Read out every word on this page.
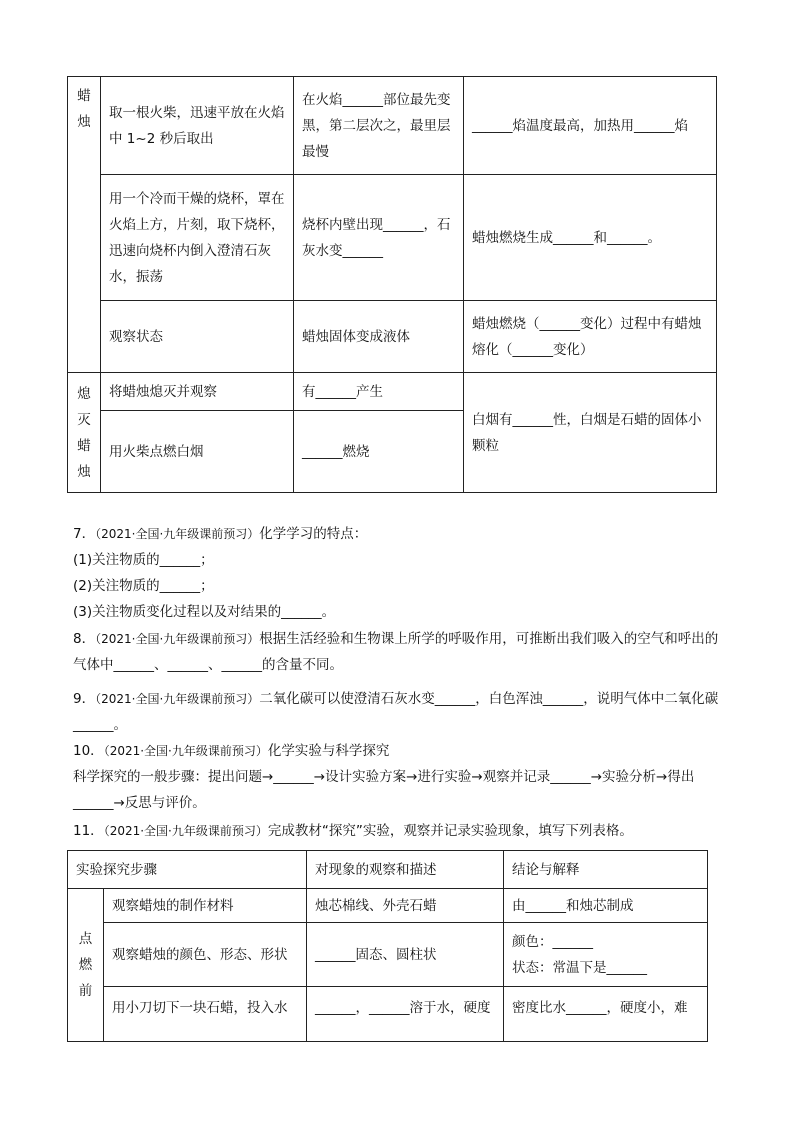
蜡
烛	取一根火柴，迅速平放在火焰中 1~2 秒后取出	在火焰______部位最先变黑，第二层次之，最里层最慢	______焰温度最高，加热用______焰
	用一个冷而干燥的烧杯，罩在火焰上方，片刻，取下烧杯，迅速向烧杯内倒入澄清石灰水，振荡	烧杯内壁出现______，石灰水变______	蜡烛燃烧生成______和______。
	观察状态	蜡烛固体变成液体	蜡烛燃烧（______变化）过程中有蜡烛熔化（______变化）

熄
灭
蜡
烛	将蜡烛熄灭并观察	有______产生	白烟有______性，白烟是石蜡的固体小颗粒
	用火柴点燃白烟	______燃烧	
7．（2021·全国·九年级课前预习）化学学习的特点：
(1)关注物质的______；
(2)关注物质的______；
(3)关注物质变化过程以及对结果的______。
8．（2021·全国·九年级课前预习）根据生活经验和生物课上所学的呼吸作用，可推断出我们吸入的空气和呼出的气体中______、______、______的含量不同。
9．（2021·全国·九年级课前预习）二氧化碳可以使澄清石灰水变______，白色浑浊______，说明气体中二氧化碳______。
10．（2021·全国·九年级课前预习）化学实验与科学探究
科学探究的一般步骤：提出问题→______→设计实验方案→进行实验→观察并记录______→实验分析→得出______→反思与评价。
11．（2021·全国·九年级课前预习）完成教材“探究”实验，观察并记录实验现象，填写下列表格。
实验探究步骤		对现象的观察和描述	结论与解释

点
燃
前	观察蜡烛的制作材料	烛芯棉线、外壳石蜡	由______和烛芯制成
	观察蜡烛的颜色、形态、形状	______固态、圆柱状	颜色：______
状态：常温下是______

	用小刀切下一块石蜡，投入水	______，______溶于水，硬度	密度比水______，硬度小，难
